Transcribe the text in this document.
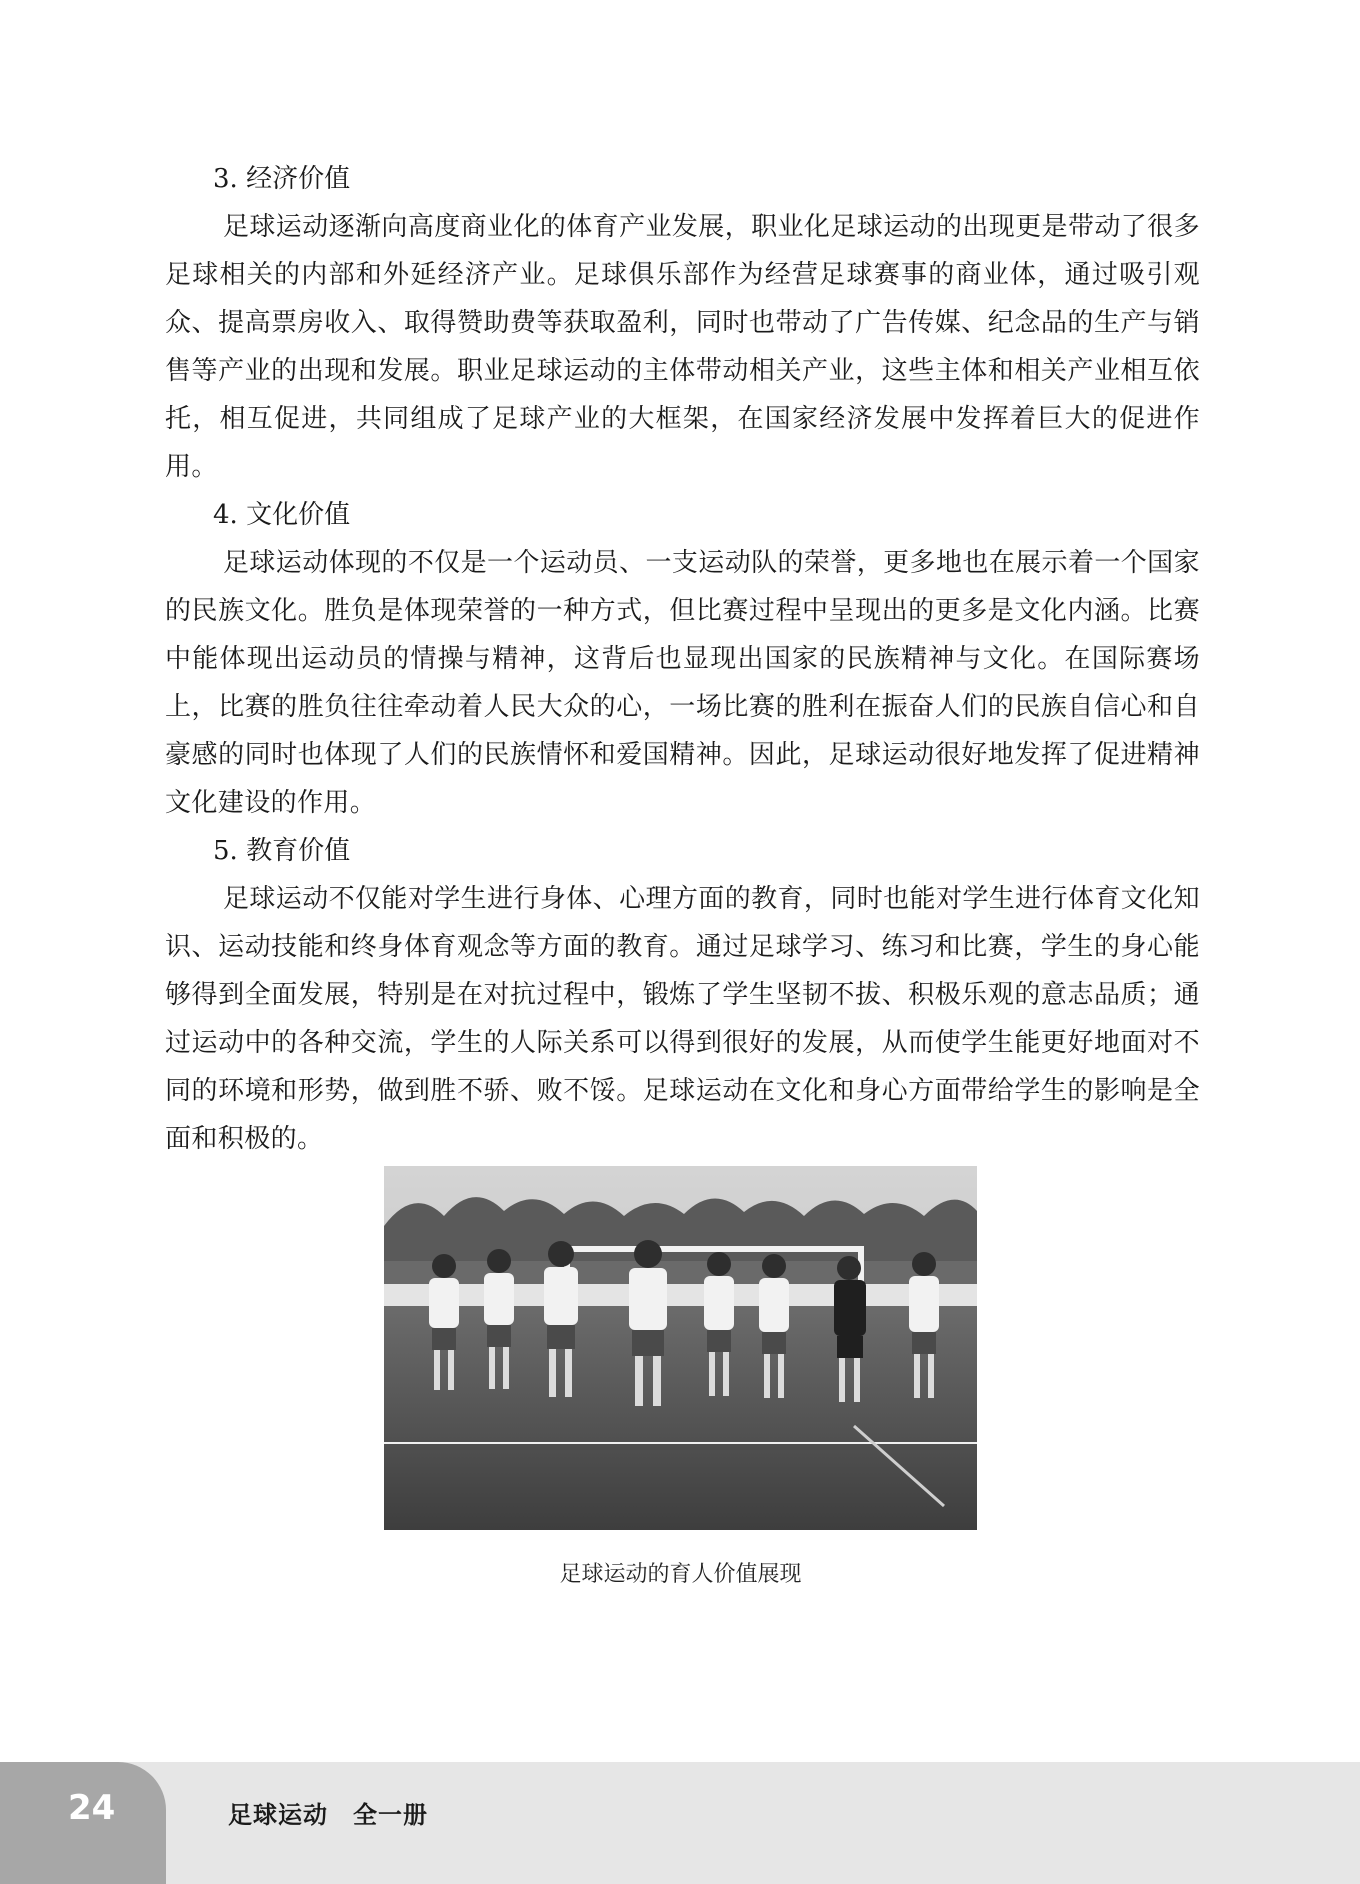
3. 经济价值

足球运动逐渐向高度商业化的体育产业发展，职业化足球运动的出现更是带动了很多足球相关的内部和外延经济产业。足球俱乐部作为经营足球赛事的商业体，通过吸引观众、提高票房收入、取得赞助费等获取盈利，同时也带动了广告传媒、纪念品的生产与销售等产业的出现和发展。职业足球运动的主体带动相关产业，这些主体和相关产业相互依托，相互促进，共同组成了足球产业的大框架，在国家经济发展中发挥着巨大的促进作用。

4. 文化价值

足球运动体现的不仅是一个运动员、一支运动队的荣誉，更多地也在展示着一个国家的民族文化。胜负是体现荣誉的一种方式，但比赛过程中呈现出的更多是文化内涵。比赛中能体现出运动员的情操与精神，这背后也显现出国家的民族精神与文化。在国际赛场上，比赛的胜负往往牵动着人民大众的心，一场比赛的胜利在振奋人们的民族自信心和自豪感的同时也体现了人们的民族情怀和爱国精神。因此，足球运动很好地发挥了促进精神文化建设的作用。

5. 教育价值

足球运动不仅能对学生进行身体、心理方面的教育，同时也能对学生进行体育文化知识、运动技能和终身体育观念等方面的教育。通过足球学习、练习和比赛，学生的身心能够得到全面发展，特别是在对抗过程中，锻炼了学生坚韧不拔、积极乐观的意志品质；通过运动中的各种交流，学生的人际关系可以得到很好的发展，从而使学生能更好地面对不同的环境和形势，做到胜不骄、败不馁。足球运动在文化和身心方面带给学生的影响是全面和积极的。

足球运动的育人价值展现
24	足球运动　全一册
